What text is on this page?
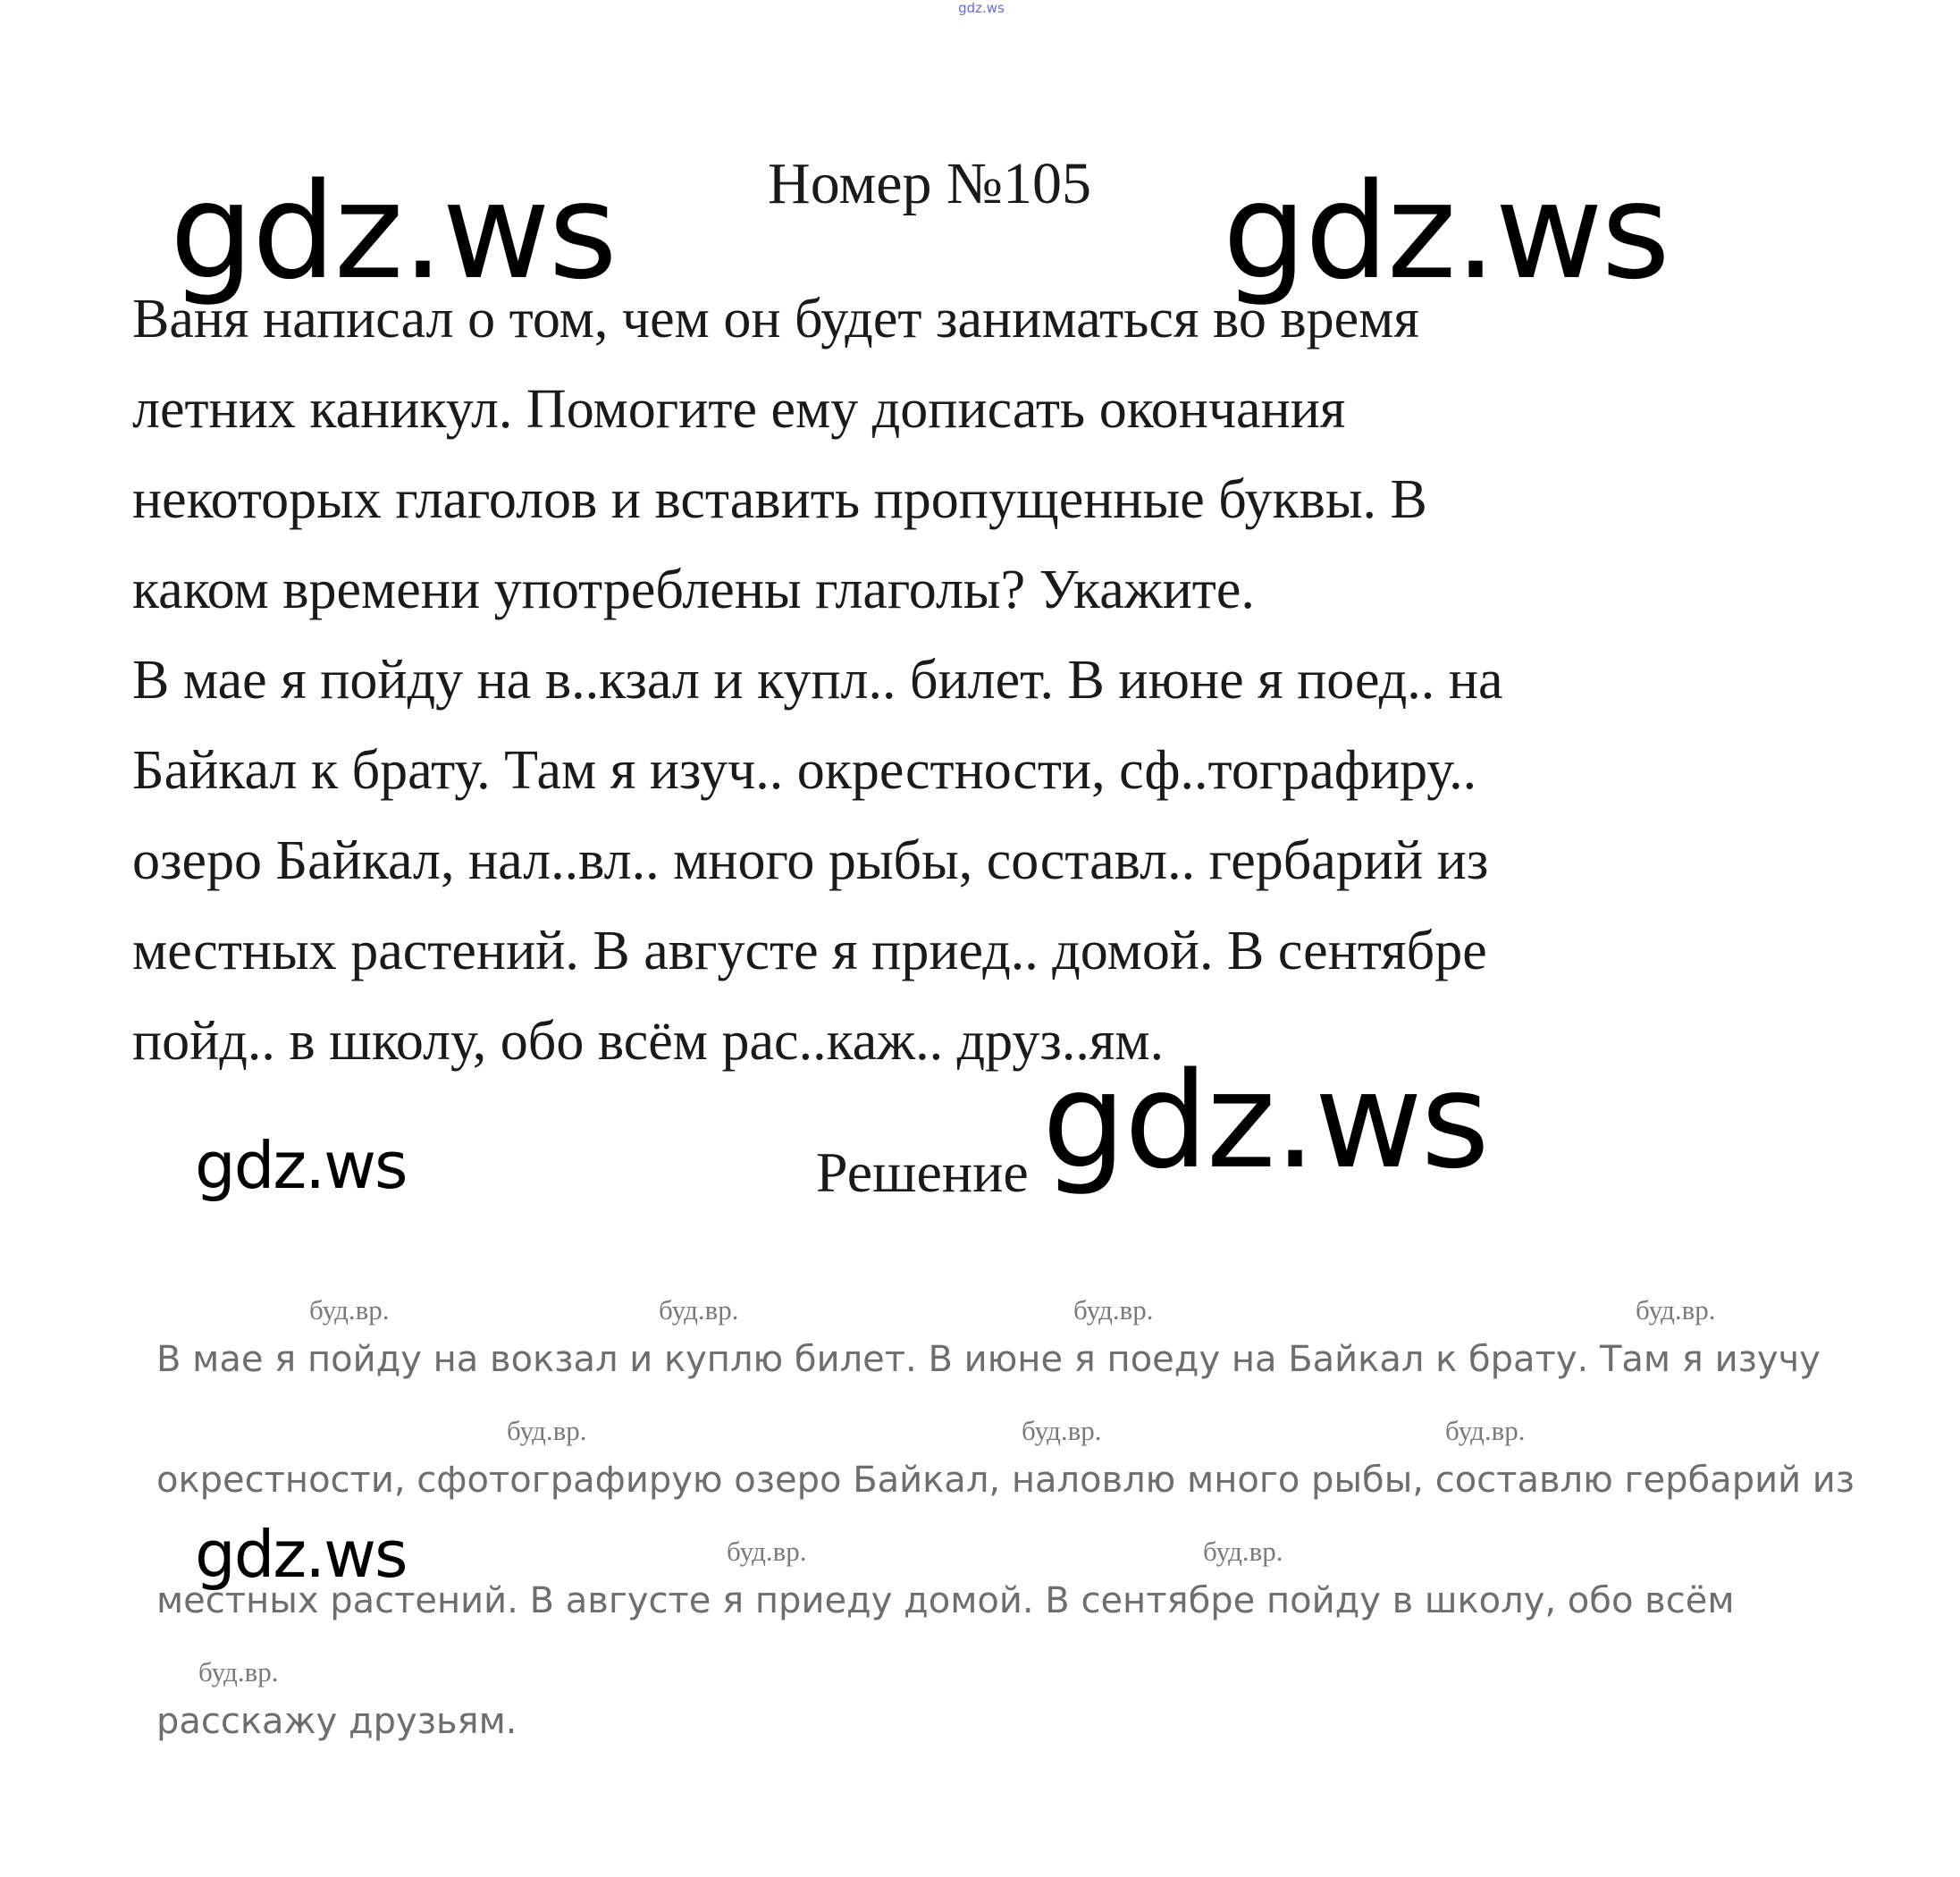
gdz.ws
Номер №105

Ваня написал о том, чем он будет заниматься во время

летних каникул. Помогите ему дописать окончания

некоторых глаголов и вставить пропущенные буквы. В

каком времени употреблены глаголы? Укажите.

В мае я пойду на в..кзал и купл.. билет. В июне я поед.. на

Байкал к брату. Там я изуч.. окрестности, сф..тографиру..

озеро Байкал, нал..вл.. много рыбы, составл.. гербарий из

местных растений. В августе я приед.. домой. В сентябре

пойд.. в школу, обо всём рас..каж.. друз..ям.

Решение
буд.вр.	буд.вр.	буд.вр.	буд.вр.
буд.вр.	буд.вр.	буд.вр.
буд.вр.	буд.вр.
буд.вр.
В мае я пойду на вокзал и куплю билет. В июне я поеду на Байкал к брату. Там я изучу
окрестности, сфотографирую озеро Байкал, наловлю много рыбы, составлю гербарий из
местных растений. В августе я приеду домой. В сентябре пойду в школу, обо всём
расскажу друзьям.
gdz.ws	gdz.ws
gdz.ws
gdz.ws
gdz.ws
